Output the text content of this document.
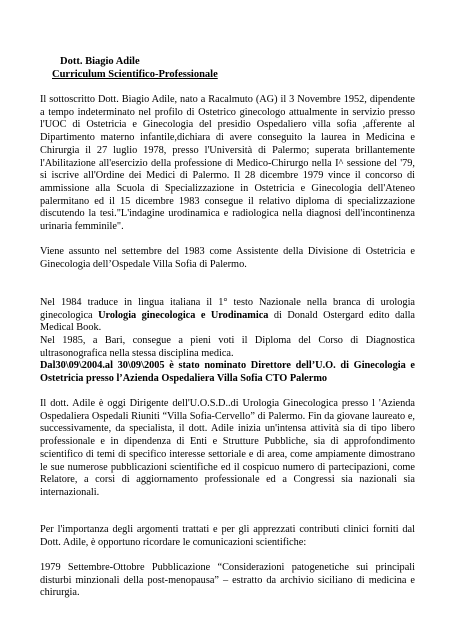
Dott. Biagio Adile
Curriculum Scientifico-Professionale
Il sottoscritto Dott. Biagio Adile, nato a Racalmuto (AG) il 3 Novembre 1952, dipendente a tempo indeterminato nel profilo di Ostetrico ginecologo attualmente in servizio presso l'UOC di Ostetricia e Ginecologia del presidio Ospedaliero villa sofia ,afferente al Dipartimento materno infantile,dichiara di avere conseguito la laurea in Medicina e Chirurgia il 27 luglio 1978, presso l'Università di Palermo; superata brillantemente l'Abilitazione all'esercizio della professione di Medico-Chirurgo nella I^ sessione del '79, si iscrive all'Ordine dei Medici di Palermo. Il 28 dicembre 1979 vince il concorso di ammissione alla Scuola di Specializzazione in Ostetricia e Ginecologia dell'Ateneo palermitano ed il 15 dicembre 1983 consegue il relativo diploma di specializzazione discutendo la tesi."L'indagine urodinamica e radiologica nella diagnosi dell'incontinenza urinaria femminile".
Viene assunto nel settembre del 1983 come Assistente della Divisione di Ostetricia e Ginecologia dell’Ospedale Villa Sofia di Palermo.
Nel 1984 traduce in lingua italiana il 1° testo Nazionale nella branca di urologia ginecologica Urologia ginecologica e Urodinamica di Donald Ostergard edito dalla Medical Book.
Nel 1985, a Bari, consegue a pieni voti il Diploma del Corso di Diagnostica ultrasonografica nella stessa disciplina medica.
Dal30\09\2004.al 30\09\2005 è stato nominato Direttore dell’U.O. di Ginecologia e Ostetricia presso l’Azienda Ospedaliera Villa Sofia CTO Palermo
Il dott. Adile è oggi Dirigente dell'U.O.S.D..di Urologia Ginecologica presso l 'Azienda Ospedaliera Ospedali Riuniti “Villa Sofia-Cervello” di Palermo. Fin da giovane laureato e, successivamente, da specialista, il dott. Adile inizia un'intensa attività sia di tipo libero professionale e in dipendenza di Enti e Strutture Pubbliche, sia di approfondimento scientifico di temi di specifico interesse settoriale e di area, come ampiamente dimostrano le sue numerose pubblicazioni scientifiche ed il cospicuo numero di partecipazioni, come Relatore, a corsi di aggiornamento professionale ed a Congressi sia nazionali sia internazionali.
Per l'importanza degli argomenti trattati e per gli apprezzati contributi clinici forniti dal Dott. Adile, è opportuno ricordare le comunicazioni scientifiche:
1979 Settembre-Ottobre Pubblicazione “Considerazioni patogenetiche sui principali disturbi minzionali della post-menopausa” – estratto da archivio siciliano di medicina e chirurgia.
